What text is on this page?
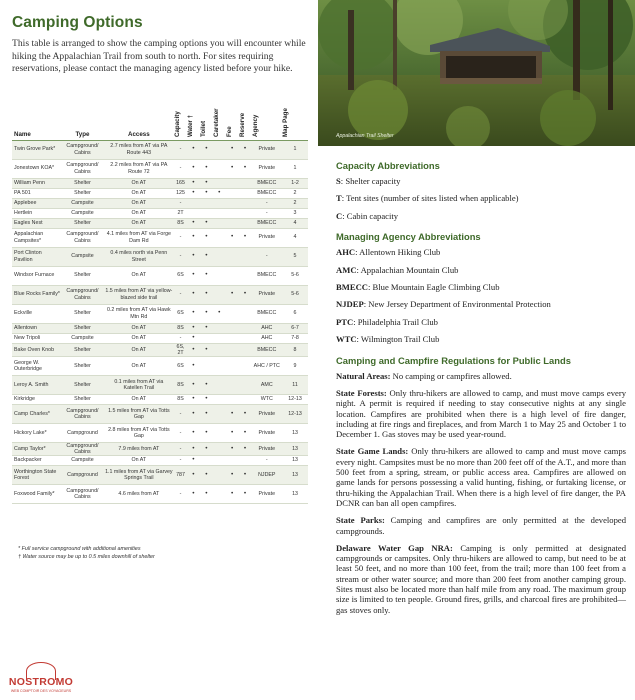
Camping Options

This table is arranged to show the camping options you will encounter while hiking the Appalachian Trail from south to north. For sites requiring reservations, please contact the managing agency listed before your hike.

Name	Type	Access	Capacity	Water †	Toilet	Caretaker	Fee	Reserve	Agency	Map Page

Twin Grove Park*	Campground/ Cabins	2.7 miles from AT via PA Route 443	-	•	•		•	•	Private	1
Jonestown KOA*	Campground/ Cabins	2.2 miles from AT via PA Route 72	-	•	•		•	•	Private	1
William Penn	Shelter	On AT	165	•	•				BMECC	1-2
PA 501	Shelter	On AT	125	•	•	•			BMECC	2
Applebee	Campsite	On AT	-						-	2
Hertlein	Campsite	On AT	2T						-	3
Eagles Nest	Shelter	On AT	8S	•	•				BMECC	4
Appalachian Campsites*	Campground/ Cabins	4.1 miles from AT via Forge Dam Rd	-	•	•		•	•	Private	4
Port Clinton Pavilion	Campsite	0.4 miles north via Penn Street	-	•	•				-	5
Windsor Furnace	Shelter	On AT	6S	•	•				BMECC	5-6
Blue Rocks Family*	Campground/ Cabins	1.5 miles from AT via yellow-blazed side trail	-	•	•		•	•	Private	5-6
Eckville	Shelter	0.2 miles from AT via Hawk Mtn Rd	6S	•	•	•			BMECC	6
Allentown	Shelter	On AT	8S	•	•				AHC	6-7
New Tripoli	Campsite	On AT	-	•					AHC	7-8
Bake Oven Knob	Shelter	On AT	6S, 2T	•	•				BMECC	8
George W. Outerbridge	Shelter	On AT	6S	•					AHC / PTC	9
Leroy A. Smith	Shelter	0.1 miles from AT via Katellen Trail	8S	•	•				AMC	11
Kirkridge	Shelter	On AT	8S	•	•				WTC	12-13
Camp Charles*	Campground/ Cabins	1.5 miles from AT via Totts Gap	-	•	•		•	•	Private	12-13
Hickory Lake*	Campground	2.8 miles from AT via Totts Gap	-	•	•		•	•	Private	13
Camp Taylor*	Campground/ Cabins	7.9 miles from AT	-	•	•		•	•	Private	13
Backpacker	Campsite	On AT	-	•					-	13
Worthington State Forest	Campground	1.1 miles from AT via Garvey Springs Trail	787	•	•		•	•	NJDEP	13
Foxwood Family*	Campground/ Cabins	4.6 miles from AT	-	•	•		•	•	Private	13
* Full service campground with additional amenities
† Water source may be up to 0.5 miles downhill of shelter
NOSTROMO
WEB COMPTOIR DES VOYAGEURS
Appalachian Trail Shelter
Capacity Abbreviations

S: Shelter capacity

T: Tent sites (number of sites listed when applicable)

C: Cabin capacity

Managing Agency Abbreviations

AHC: Allentown Hiking Club

AMC: Appalachian Mountain Club

BMECC: Blue Mountain Eagle Climbing Club

NJDEP: New Jersey Department of Environmental Protection

PTC: Philadelphia Trail Club

WTC: Wilmington Trail Club

Camping and Campfire Regulations for Public Lands

Natural Areas: No camping or campfires allowed.

State Forests: Only thru-hikers are allowed to camp, and must move camps every night. A permit is required if needing to stay consecutive nights at any single location. Campfires are prohibited when there is a high level of fire danger, including at fire rings and fireplaces, and from March 1 to May 25 and October 1 to December 1. Gas stoves may be used year-round.

State Game Lands: Only thru-hikers are allowed to camp and must move camps every night. Campsites must be no more than 200 feet off of the A.T., and more than 500 feet from a spring, stream, or public access area. Campfires are allowed on game lands for persons possessing a valid hunting, fishing, or furtaking license, or thru-hiking the Appalachian Trail. When there is a high level of fire danger, the PA DCNR can ban all open campfires.

State Parks: Camping and campfires are only permitted at the developed campgrounds.

Delaware Water Gap NRA: Camping is only permitted at designated campgrounds or campsites. Only thru-hikers are allowed to camp, but need to be at least 50 feet, and no more than 100 feet, from the trail; more than 100 feet from a stream or other water source; and more than 200 feet from another camping group. Sites must also be located more than half mile from any road. The maximum group size is limited to ten people. Ground fires, grills, and charcoal fires are prohibited—gas stoves only.
